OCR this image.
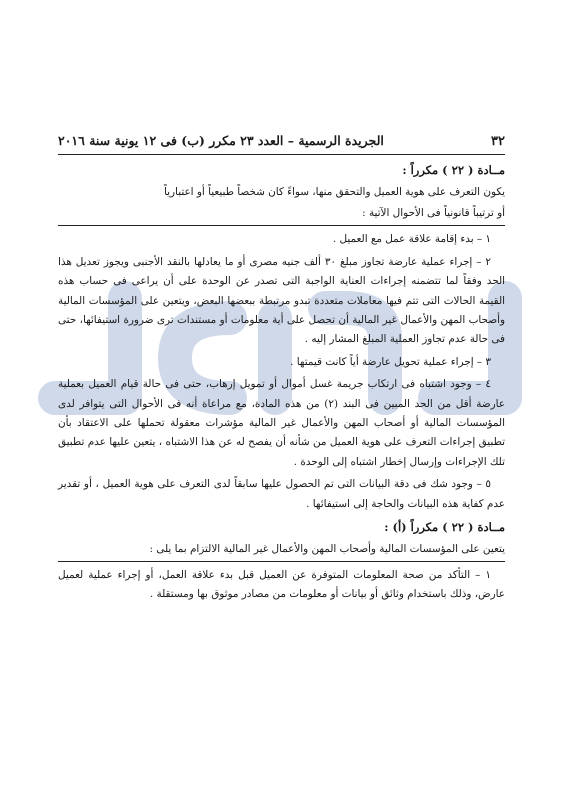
الجريدة
٣٢
الجريدة الرسمية – العدد ٢٣ مكرر (ب) فى ١٢ يونية سنة ٢٠١٦
مــادة ( ٢٢ ) مكرراً :

يكون التعرف على هوية العميل والتحقق منها، سواءً كان شخصاً طبيعياً أو اعتبارياً

أو ترتيباً قانونياً فى الأحوال الآتية :

١ – بدء إقامة علاقة عمل مع العميل .

٢ – إجراء عملية عارضة تجاوز مبلغ ٣٠ ألف جنيه مصرى أو ما يعادلها بالنقد الأجنبى ويجوز تعديل هذا الحد وفقاً لما تتضمنه إجراءات العناية الواجبة التى تصدر عن الوحدة على أن يراعى فى حساب هذه القيمة الحالات التى تتم فيها معاملات متعددة تبدو مرتبطة ببعضها البعض، ويتعين على المؤسسات المالية وأصحاب المهن والأعمال غير المالية أن تحصل على أية معلومات أو مستندات ترى ضرورة استيفائها، حتى فى حالة عدم تجاوز العملية المبلغ المشار إليه .

٣ – إجراء عملية تحويل عارضة أياً كانت قيمتها .

٤ – وجود اشتباه فى ارتكاب جريمة غسل أموال أو تمويل إرهاب، حتى فى حالة قيام العميل بعملية عارضة أقل من الحد المبين فى البند (٢) من هذه المادة، مع مراعاة أنه فى الأحوال التى يتوافر لدى المؤسسات المالية أو أصحاب المهن والأعمال غير المالية مؤشرات معقولة تحملها على الاعتقاد بأن تطبيق إجراءات التعرف على هوية العميل من شأنه أن يفصح له عن هذا الاشتباه ، يتعين عليها عدم تطبيق تلك الإجراءات وإرسال إخطار اشتباه إلى الوحدة .

٥ – وجود شك فى دقة البيانات التى تم الحصول عليها سابقاً لدى التعرف على هوية العميل ، أو تقدير عدم كفاية هذه البيانات والحاجة إلى استيفائها .

مــادة ( ٢٢ ) مكرراً (أ) :

يتعين على المؤسسات المالية وأصحاب المهن والأعمال غير المالية الالتزام بما يلى :

١ – التأكد من صحة المعلومات المتوفرة عن العميل قبل بدء علاقة العمل، أو إجراء عملية لعميل عارض، وذلك باستخدام وثائق أو بيانات أو معلومات من مصادر موثوق بها ومستقلة .
